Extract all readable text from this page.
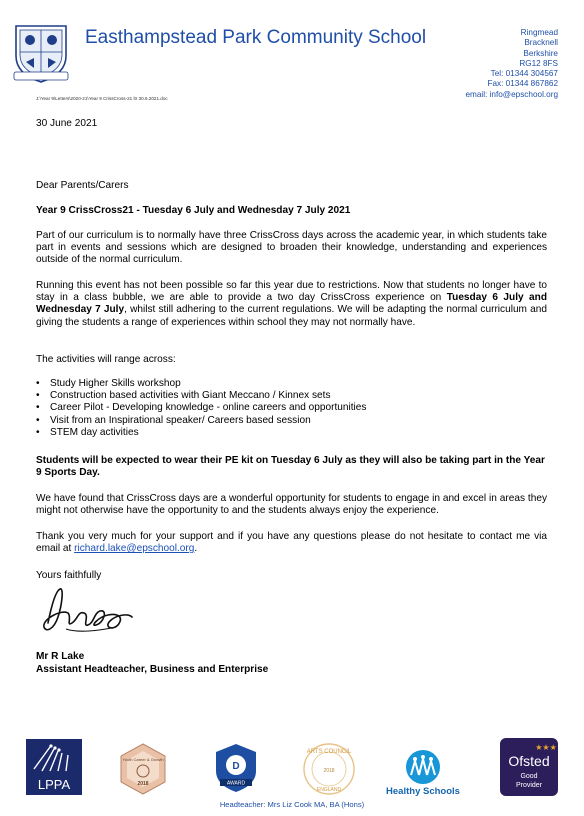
Easthampstead Park Community School	Ringmead
Bracknell
Berkshire
RG12 8FS
Tel: 01344 304567
Fax: 01344 867862
email: info@epschool.org
J:\Year 9\Letters\2020-21\Year 9 CrissCross-21 ltr 30.6.2021.doc
30 June 2021
Dear Parents/Carers
Year 9 CrissCross21 - Tuesday 6 July and Wednesday 7 July 2021

Part of our curriculum is to normally have three CrissCross days across the academic year, in which students take part in events and sessions which are designed to broaden their knowledge, understanding and experiences outside of the normal curriculum.

Running this event has not been possible so far this year due to restrictions. Now that students no longer have to stay in a class bubble, we are able to provide a two day CrissCross experience on Tuesday 6 July and Wednesday 7 July, whilst still adhering to the current regulations. We will be adapting the normal curriculum and giving the students a range of experiences within school they may not normally have.

The activities will range across:
• Study Higher Skills workshop
• Construction based activities with Giant Meccano / Kinnex sets
• Career Pilot - Developing knowledge - online careers and opportunities
• Visit from an Inspirational speaker/ Careers based session
• STEM day activities

Students will be expected to wear their PE kit on Tuesday 6 July as they will also be taking part in the Year 9 Sports Day.

We have found that CrissCross days are a wonderful opportunity for students to engage in and excel in areas they might not otherwise have the opportunity to and the students always enjoy the experience.

Thank you very much for your support and if you have any questions please do not hesitate to contact me via email at richard.lake@epschool.org.

Yours faithfully
Mr R Lake
Assistant Headteacher, Business and Enterprise
LPPA
Youth Career & Growth
2018
D
AWARD
ARTS COUNCIL
2018
ENGLAND	Healthy Schools
★★★
Ofsted
Good
Provider
Headteacher: Mrs Liz Cook MA, BA (Hons)
